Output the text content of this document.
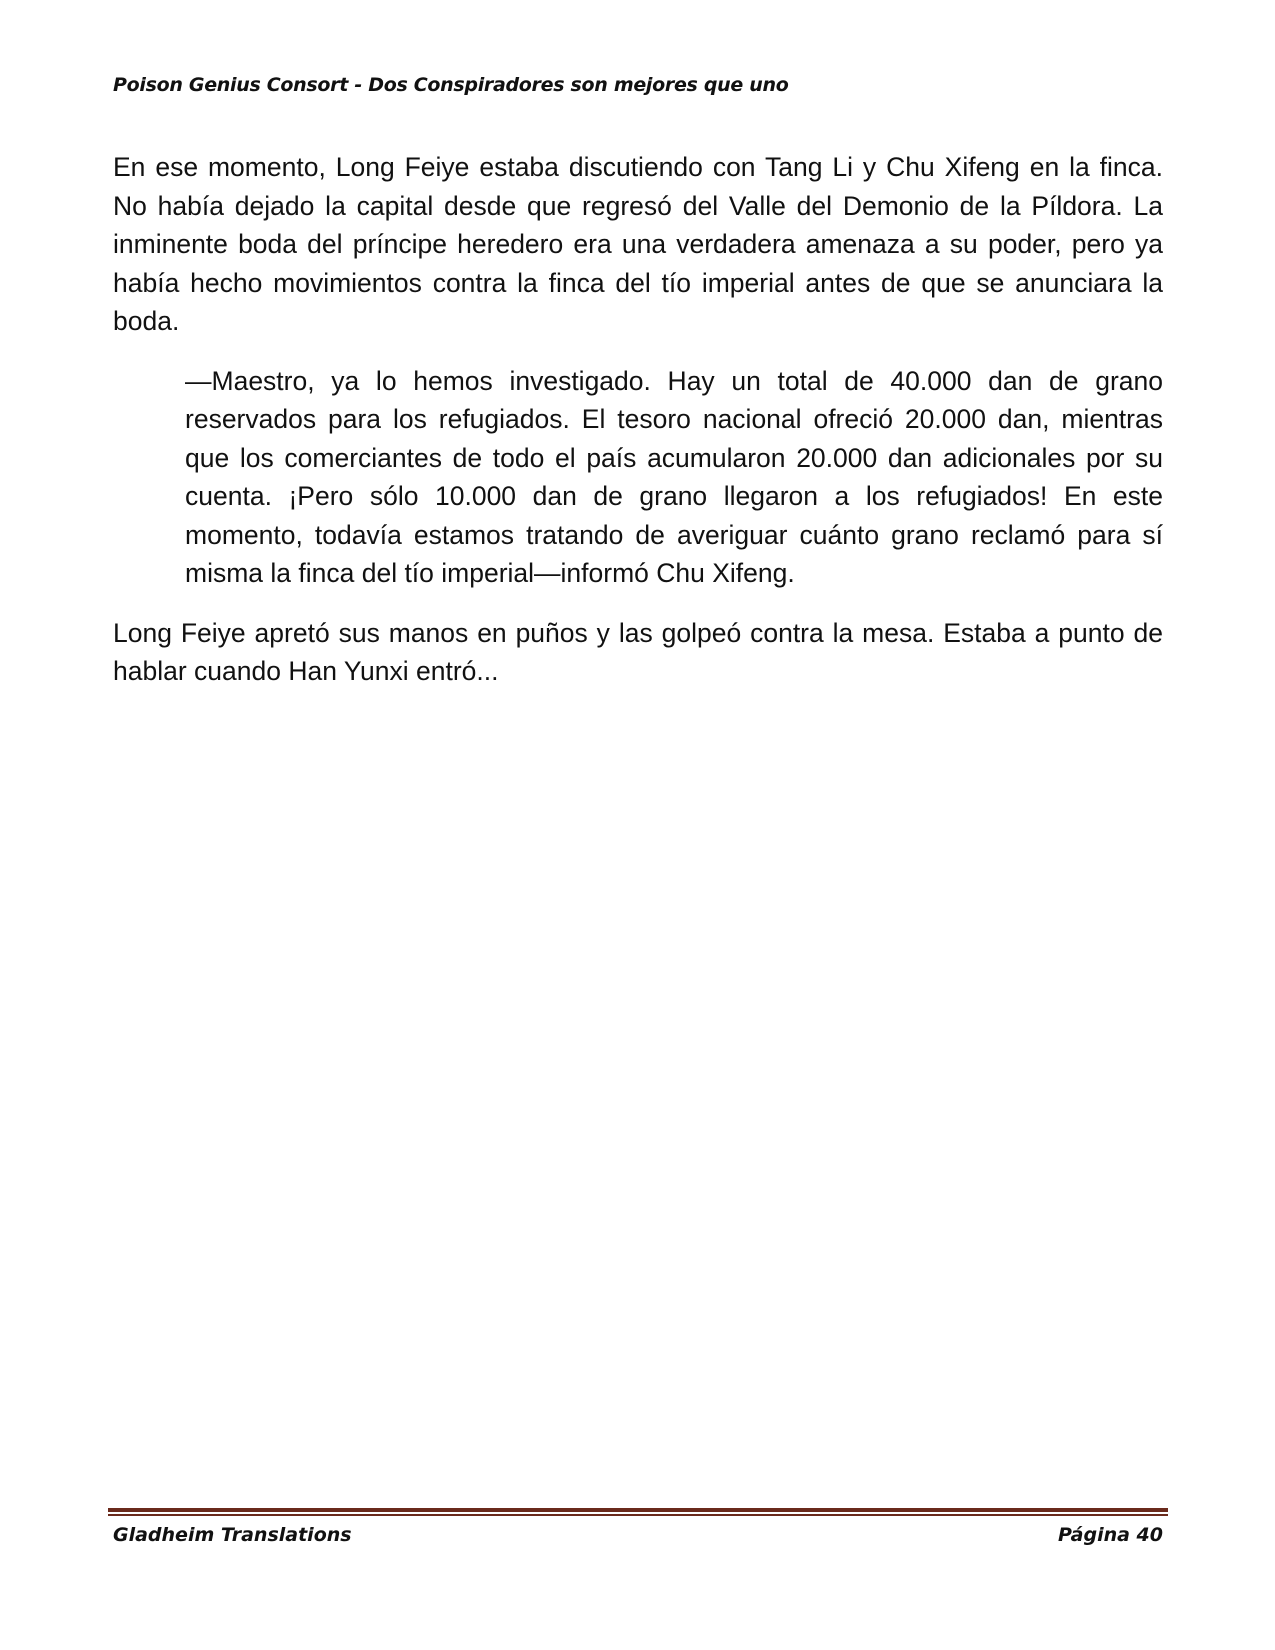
Poison Genius Consort - Dos Conspiradores son mejores que uno

En ese momento, Long Feiye estaba discutiendo con Tang Li y Chu Xifeng en la finca. No había dejado la capital desde que regresó del Valle del Demonio de la Píldora. La inminente boda del príncipe heredero era una verdadera amenaza a su poder, pero ya había hecho movimientos contra la finca del tío imperial antes de que se anunciara la boda.

—Maestro, ya lo hemos investigado. Hay un total de 40.000 dan de grano reservados para los refugiados. El tesoro nacional ofreció 20.000 dan, mientras que los comerciantes de todo el país acumularon 20.000 dan adicionales por su cuenta. ¡Pero sólo 10.000 dan de grano llegaron a los refugiados! En este momento, todavía estamos tratando de averiguar cuánto grano reclamó para sí misma la finca del tío imperial—informó Chu Xifeng.

Long Feiye apretó sus manos en puños y las golpeó contra la mesa. Estaba a punto de hablar cuando Han Yunxi entró...

Gladheim Translations	Página 40
